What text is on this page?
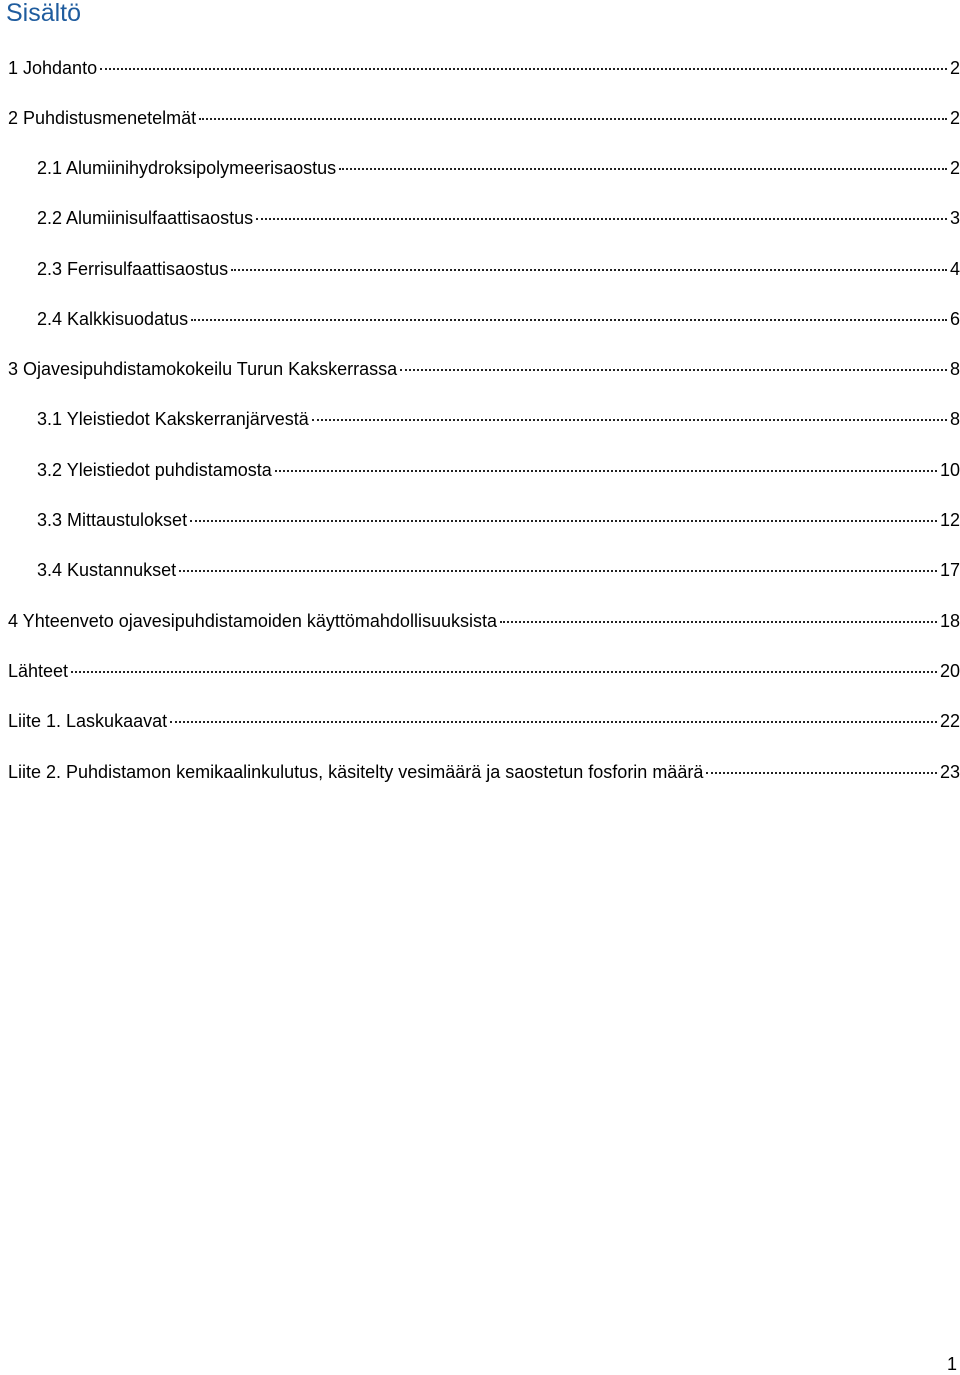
Sisältö
1 Johdanto	2
2 Puhdistusmenetelmät	2
2.1 Alumiinihydroksipolymeerisaostus	2
2.2 Alumiinisulfaattisaostus	3
2.3 Ferrisulfaattisaostus	4
2.4 Kalkkisuodatus	6
3 Ojavesipuhdistamokokeilu Turun Kakskerrassa	8
3.1 Yleistiedot Kakskerranjärvestä	8
3.2 Yleistiedot puhdistamosta	10
3.3 Mittaustulokset	12
3.4 Kustannukset	17
4 Yhteenveto ojavesipuhdistamoiden käyttömahdollisuuksista	18
Lähteet	20
Liite 1. Laskukaavat	22
Liite 2. Puhdistamon kemikaalinkulutus, käsitelty vesimäärä ja saostetun fosforin määrä	23
1
